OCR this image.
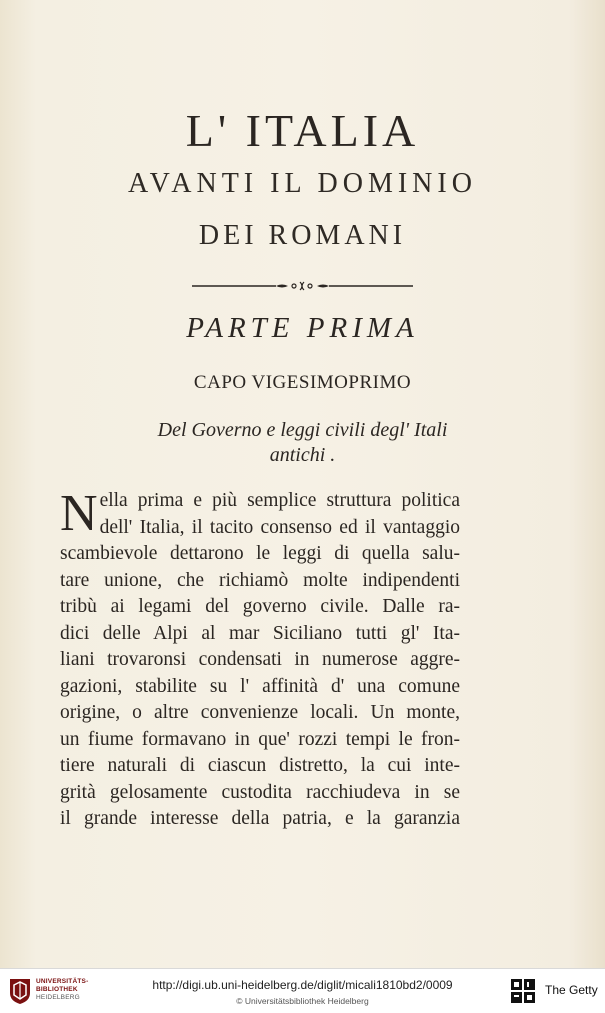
L' ITALIA
AVANTI IL DOMINIO
DEI ROMANI
PARTE PRIMA
CAPO VIGESIMOPRIMO
Del Governo e leggi civili degl' Itali
antichi .
N ella prima e più semplice struttura politica
dell' Italia, il tacito consenso ed il vantaggio
scambievole dettarono le leggi di quella salu-
tare unione, che richiamò molte indipendenti
tribù ai legami del governo civile. Dalle ra-
dici delle Alpi al mar Siciliano tutti gl' Ita-
liani trovaronsi condensati in numerose aggre-
gazioni, stabilite su l' affinità d' una comune
origine, o altre convenienze locali. Un monte,
un fiume formavano in que' rozzi tempi le fron-
tiere naturali di ciascun distretto, la cui inte-
grità gelosamente custodita racchiudeva in se
il grande interesse della patria, e la garanzia
UNIVERSITÄTS-
BIBLIOTHEK
HEIDELBERG
http://digi.ub.uni-heidelberg.de/diglit/micali1810bd2/0009
© Universitätsbibliothek Heidelberg
The Getty
